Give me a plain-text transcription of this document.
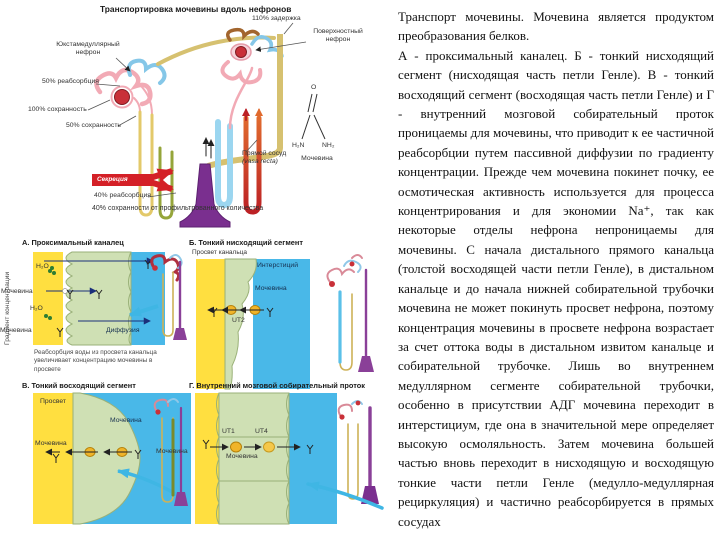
Транспортировка мочевины вдоль нефронов
110% задержка
Поверхностный нефрон
Юкстамедуллярный нефрон
50% реабсорбция
100% сохранность
50% сохранность
Секреция
Прямой сосуд
(vasa recta)
40% реабсорбция
40% сохранности от профильтрованного количества
Градиент концентрации
O
H₂N	NH₂
Мочевина
А. Проксимальный каналец
H₂O
Мочевина
H₂O
Мочевина	Диффузия
Реабсорбция воды из просвета канальца увеличивает концентрацию мочевины в просвете
Б. Тонкий нисходящий сегмент
Просвет канальца
Интерстиций
Мочевина
UT2
В. Тонкий восходящий сегмент
Просвет
Мочевина
Мочевина
Г. Внутренний мозговой собирательный проток
Мочевина
UT1	UT4
Мочевина

Транспорт мочевины. Мочевина является продуктом преобразования белков.

А - проксимальный каналец. Б - тонкий нисходящий сегмент (нисходящая часть петли Генле). В - тонкий восходящий сегмент (восходящая часть петли Генле) и Г - внутренний мозговой собирательный проток проницаемы для мочевины, что приводит к ее частичной реабсорбции путем пассивной диффузии по градиенту концентрации. Прежде чем мочевина покинет почку, ее осмотическая активность используется для процесса концентрирования и для экономии Na⁺, так как некоторые отделы нефрона непроницаемы для мочевины. С начала дистального прямого канальца (толстой восходящей части петли Генле), в дистальном канальце и до начала нижней собирательной трубочки мочевина не может покинуть просвет нефрона, поэтому концентрация мочевины в просвете нефрона возрастает за счет оттока воды в дистальном извитом канальце и собирательной трубочке. Лишь во внутреннем медуллярном сегменте собирательной трубочки, особенно в присутствии АДГ мочевина переходит в интерстициум, где она в значительной мере определяет высокую осмоляльность. Затем мочевина большей частью вновь переходит в нисходящую и восходящую тонкие части петли Генле (медулло-медуллярная рециркуляция) и частично реабсорбируется в прямых сосудах
